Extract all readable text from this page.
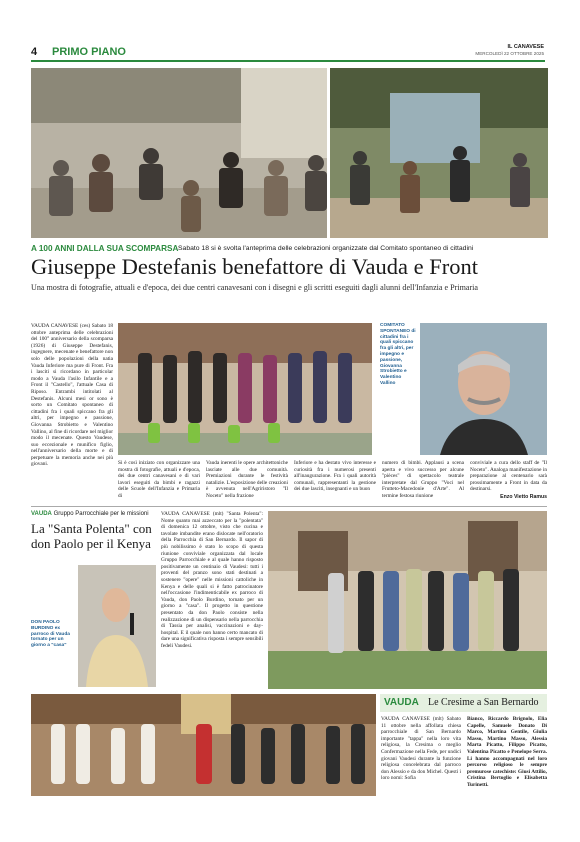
4 PRIMO PIANO	IL CANAVESE
MERCOLEDÌ 22 OTTOBRE 2025
A 100 ANNI DALLA SUA SCOMPARSA Sabato 18 si è svolta l'anteprima delle celebrazioni organizzate dal Comitato spontaneo di cittadini
Giuseppe Destefanis benefattore di Vauda e Front
Una mostra di fotografie, attuali e d'epoca, dei due centri canavesani con i disegni e gli scritti eseguiti dagli alunni dell'Infanzia e Primaria
VAUDA CANAVESE (ces) Sabato 18 ottobre anteprima delle celebrazioni del 100° anniversario della scomparsa (1926) di Giuseppe Destefanis, ingegnere, mecenate e benefattore non solo delle popolazioni della natia Vauda Inferiore ma pure di Front. Fra i lasciti si ricordano in particolar modo a Vauda l'asilo Infantile e a Front il "Castello", l'attuale Casa di Riposo. Entrambi intitolati al Destefanis. Alcuni mesi or sono è sorto un Comitato spontaneo di cittadini fra i quali spiccano fra gli altri, per impegno e passione, Giovanna Strobietto e Valentino Vallino, al fine di ricordare nel miglior modo il mecenate. Questo Vaudese, suo eccezionale e munifico figlio, nell'anniversario della morte e di perpetuare la memoria anche nei più giovani.
COMITATO SPONTANEO di cittadini fra i quali spiccano fra gli altri, per impegno e passione, Giovanna Strobietto e Valentino Vallino
Si è così iniziato con organizzare una mostra di fotografie, attuali e d'epoca, dei due centri canavesani e di vari lavori eseguiti da bimbi e ragazzi delle Scuole dell'Infanzia e Primaria di
Vauda inerenti le opere architettoniche lasciate alle due comunità. Premiazioni durante le festività natalizie. L'esposizione delle creazioni è avvenuta nell'Agriristoro "Il Noceto" nella frazione
Inferiore e ha destato vivo interesse e curiosità fra i numerosi presenti all'inaugurazione. Fra i quali autorità comunali, rappresentanti la gestione dei due lasciti, insegnanti e un buon
numero di bimbi. Applausi a scena aperta e vivo successo per alcune "pièces" di spettacolo teatrale interpretate dal Gruppo "Voci nel Frutteto-Macedonie d'Arte". Al termine festosa riunione
conviviale a cura dello staff de "Il Noceto". Analoga manifestazione in preparazione al centenario sarà prossimamente a Front in data da destinarsi.
Enzo Vietto Ramus
VAUDA Gruppo Parrocchiale per le missioni
La "Santa Polenta" con don Paolo per il Kenya
DON PAOLO BURDINO ex parroco di Vauda tornato per un giorno a "casa"
VAUDA CANAVESE (mlt) "Santa Polenta": Nome quanto mai azzeccato per la "polentata" di domenica 12 ottobre, visto che cucina e tavolate imbandite erano dislocate nell'oratorio della Parrocchia di San Bernardo. Il sapor di più nobilissimo è stato lo scopo di questa riunione conviviale organizzata dal locale Gruppo Parrocchiale e al quale hanno risposto positivamente un centinaio di Vaudesi: tutti i proventi del pranzo sono stati destinati a sostenere "opere" nelle missioni cattoliche in Kenya e delle quali si è fatto patrocinatore nell'occasione l'indimenticabile ex parroco di Vauda, don Paolo Burdino, tornato per un giorno a "casa". Il progetto in questione presentato da don Paolo consiste nella realizzazione di un dispensario nella parrocchia di Tassia per analisi, vaccinazioni e day-hospital. E il quale non hanno certo mancato di dare una significativa risposta i sempre sensibili fedeli Vaudesi.
VAUDA Le Cresime a San Bernardo
VAUDA CANAVESE (mlt) Sabato 11 ottobre nella affollata chiesa parrocchiale di San Bernardo importante "tappa" nella loro vita religiosa, la Cresima o meglio Confermazione nella Fede, per undici giovani Vaudesi durante la funzione religiosa concelebrata dal parroco don Alessio e da don Michel. Questi i loro nomi: Sofia
Bianco, Riccardo Brignolo, Elia Capelle, Samuele Donato Di Marco, Martina Gentile, Giulia Masso, Martino Masso, Alessia Marta Picatto, Filippo Picatto, Valentina Picatto e Penelope Serra. Li hanno accompagnati nel loro percorso religioso le sempre premurose catechiste: Giusi Attilio, Cristina Bertoglio e Elisabetta Turinetti.
